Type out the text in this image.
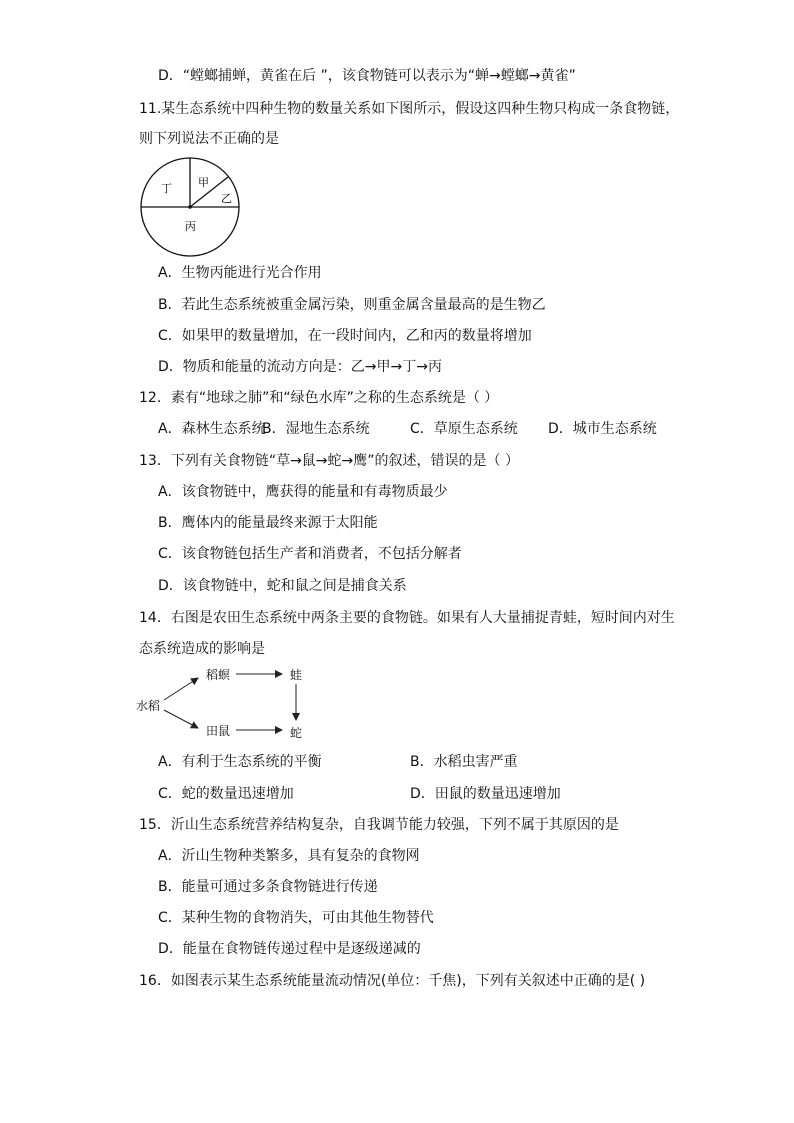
D．“螳螂捕蝉，黄雀在后 ”，该食物链可以表示为“蝉→螳螂→黄雀”
11.某生态系统中四种生物的数量关系如下图所示，假设这四种生物只构成一条食物链，
则下列说法不正确的是
丁 甲
乙
丙
A．生物丙能进行光合作用
B．若此生态系统被重金属污染，则重金属含量最高的是生物乙
C．如果甲的数量增加，在一段时间内，乙和丙的数量将增加
D．物质和能量的流动方向是：乙→甲→丁→丙
12．素有“地球之肺”和“绿色水库”之称的生态系统是（ ）
A．森林生态系统
B．湿地生态系统	C．草原生态系统 D．城市生态系统
13．下列有关食物链“草→鼠→蛇→鹰”的叙述，错误的是（ ）
A．该食物链中，鹰获得的能量和有毒物质最少
B．鹰体内的能量最终来源于太阳能
C．该食物链包括生产者和消费者，不包括分解者
D．该食物链中，蛇和鼠之间是捕食关系
14．右图是农田生态系统中两条主要的食物链。如果有人大量捕捉青蛙，短时间内对生
态系统造成的影响是
水稻
稻螟	蛙
田鼠	蛇
A．有利于生态系统的平衡	B．水稻虫害严重
C．蛇的数量迅速增加	D．田鼠的数量迅速增加
15．沂山生态系统营养结构复杂，自我调节能力较强，下列不属于其原因的是
A．沂山生物种类繁多，具有复杂的食物网
B．能量可通过多条食物链进行传递
C．某种生物的食物消失，可由其他生物替代
D．能量在食物链传递过程中是逐级递减的
16．如图表示某生态系统能量流动情况(单位：千焦)，下列有关叙述中正确的是( )
